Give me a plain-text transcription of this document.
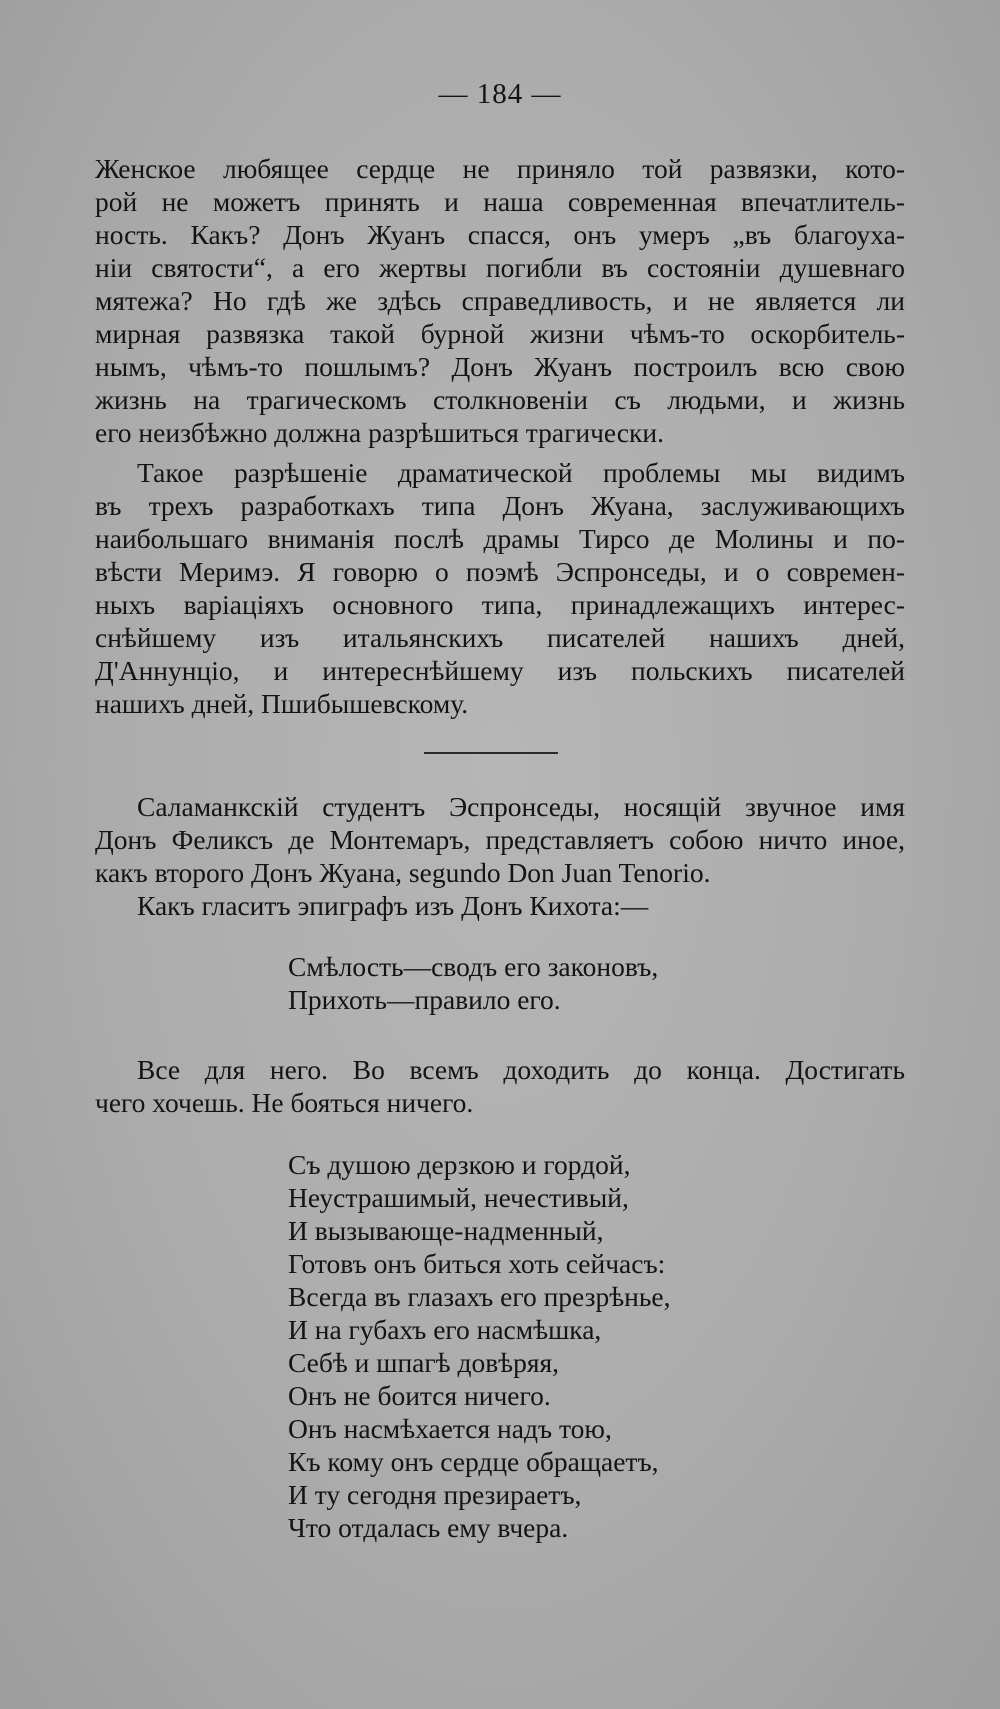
— 184 —

Женское любящее сердце не приняло той развязки, кото-
рой не можетъ принять и наша современная впечатлитель-
ность. Какъ? Донъ Жуанъ спасся, онъ умеръ „въ благоуха-
нiи святости“, а его жертвы погибли въ состоянiи душевнаго
мятежа? Но гдѣ же здѣсь справедливость, и не является ли
мирная развязка такой бурной жизни чѣмъ-то оскорбитель-
нымъ, чѣмъ-то пошлымъ? Донъ Жуанъ построилъ всю свою
жизнь на трагическомъ столкновенiи съ людьми, и жизнь
его неизбѣжно должна разрѣшиться трагически.

Такое разрѣшенiе драматической проблемы мы видимъ
въ трехъ разработкахъ типа Донъ Жуана, заслуживающихъ
наибольшаго вниманiя послѣ драмы Тирсо де Молины и по-
вѣсти Меримэ. Я говорю о поэмѣ Эспронседы, и о современ-
ныхъ варiацiяхъ основного типа, принадлежащихъ интерес-
снѣйшему изъ итальянскихъ писателей нашихъ дней,
Д'Аннунцiо, и интереснѣйшему изъ польскихъ писателей
нашихъ дней, Пшибышевскому.

Саламанкскiй студентъ Эспронседы, носящiй звучное имя
Донъ Феликсъ де Монтемаръ, представляетъ собою ничто иное,
какъ второго Донъ Жуана, segundo Don Juan Tenorio.
Какъ гласитъ эпиграфъ изъ Донъ Кихота:—

Смѣлость—сводъ его законовъ,
Прихоть—правило его.

Все для него. Во всемъ доходить до конца. Достигать
чего хочешь. Не бояться ничего.

Съ душою дерзкою и гордой,
Неустрашимый, нечестивый,
И вызывающе-надменный,
Готовъ онъ биться хоть сейчасъ:
Всегда въ глазахъ его презрѣнье,
И на губахъ его насмѣшка,
Себѣ и шпагѣ довѣряя,
Онъ не боится ничего.
Онъ насмѣхается надъ тою,
Къ кому онъ сердце обращаетъ,
И ту сегодня презираетъ,
Что отдалась ему вчера.
